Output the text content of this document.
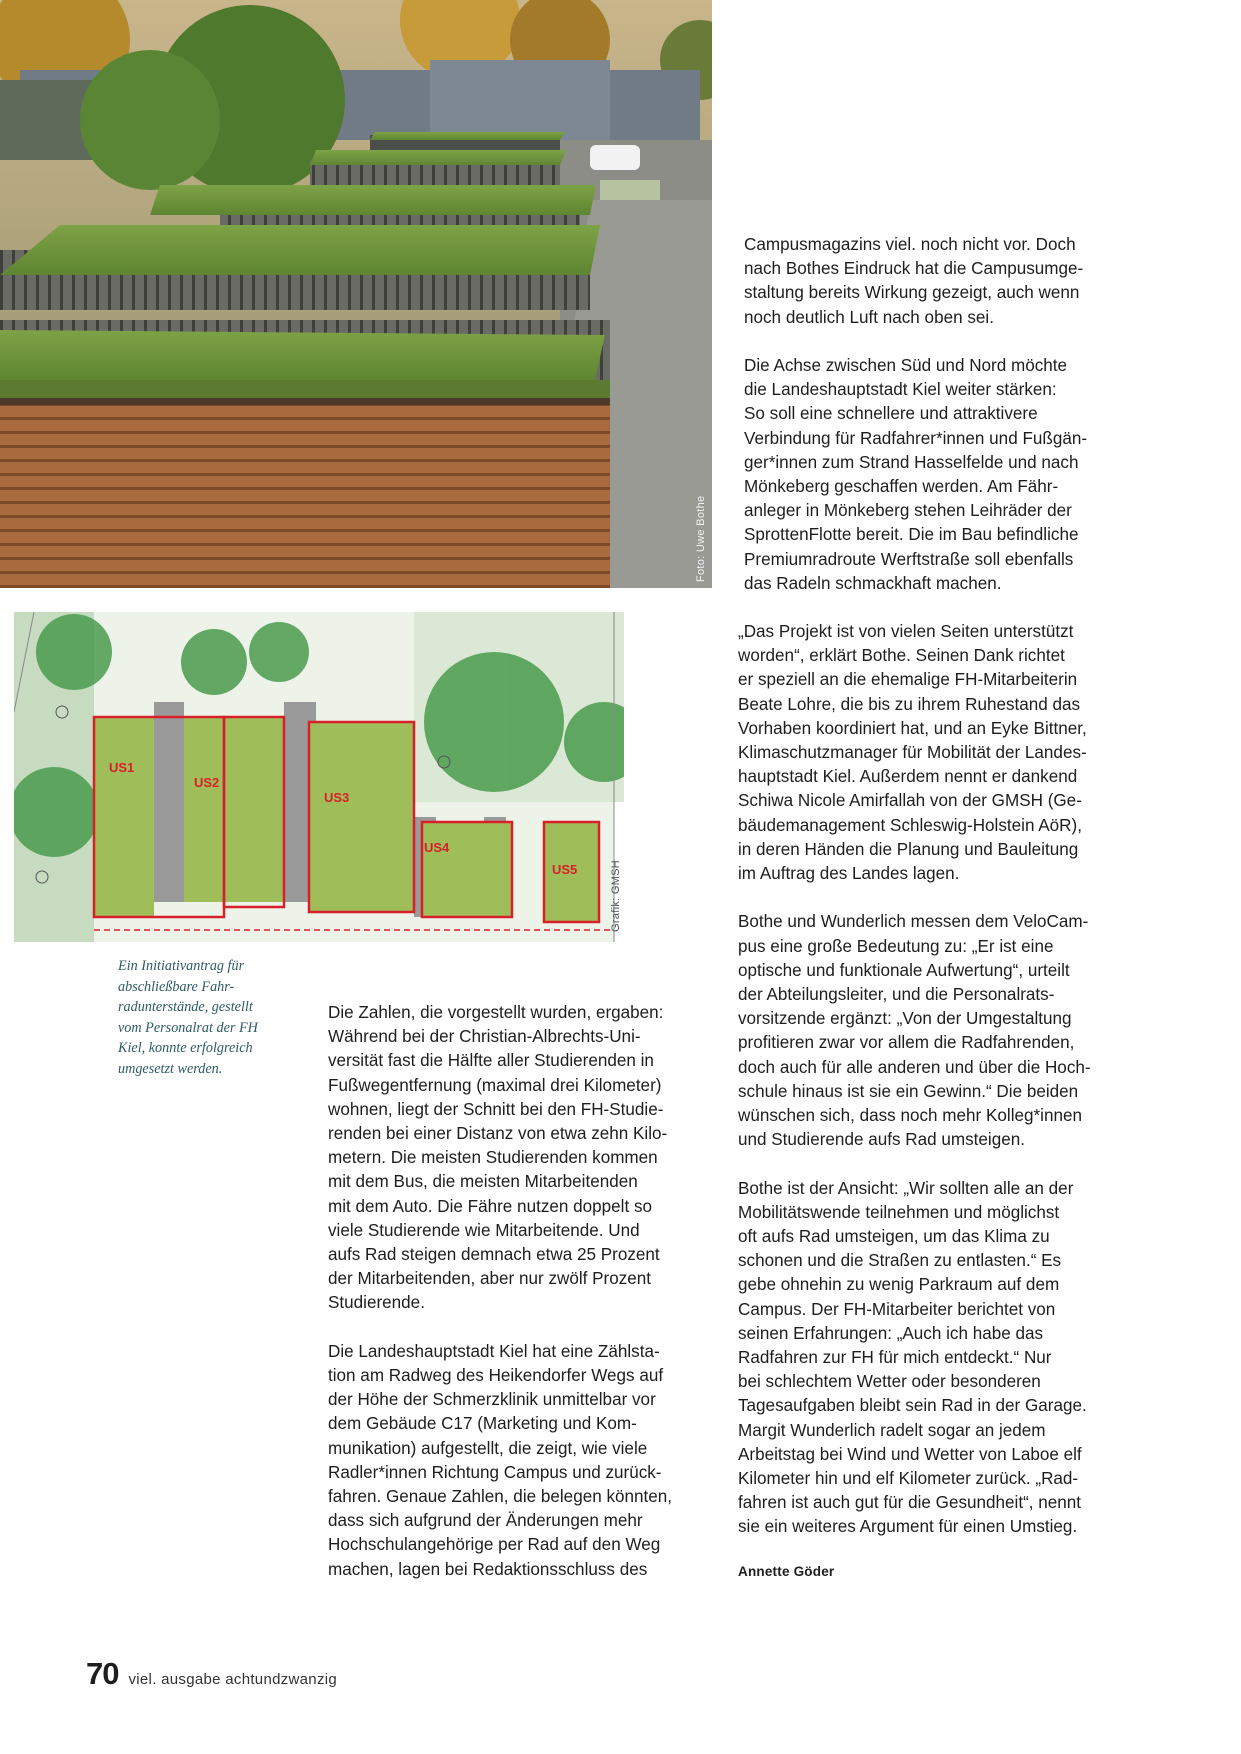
Foto: Uwe Bothe
US1
US2
US3
US4
US5	Grafik: GMSH
Ein Initiativantrag für
abschließbare Fahr-
radunterstände, gestellt
vom Personalrat der FH
Kiel, konnte erfolgreich
umgesetzt werden.

Campusmagazins viel. noch nicht vor. Doch
nach Bothes Eindruck hat die Campusumge-
staltung bereits Wirkung gezeigt, auch wenn
noch deutlich Luft nach oben sei.

Die Achse zwischen Süd und Nord möchte
die Landeshauptstadt Kiel weiter stärken:
So soll eine schnellere und attraktivere
Verbindung für Radfahrer*innen und Fußgän-
ger*innen zum Strand Hasselfelde und nach
Mönkeberg geschaffen werden. Am Fähr-
anleger in Mönkeberg stehen Leihräder der
SprottenFlotte bereit. Die im Bau befindliche
Premiumradroute Werftstraße soll ebenfalls
das Radeln schmackhaft machen.

„Das Projekt ist von vielen Seiten unterstützt
worden“, erklärt Bothe. Seinen Dank richtet
er speziell an die ehemalige FH-Mitarbeiterin
Beate Lohre, die bis zu ihrem Ruhestand das
Vorhaben koordiniert hat, und an Eyke Bittner,
Klimaschutzmanager für Mobilität der Landes-
hauptstadt Kiel. Außerdem nennt er dankend
Schiwa Nicole Amirfallah von der GMSH (Ge-
bäudemanagement Schleswig-Holstein AöR),
in deren Händen die Planung und Bauleitung
im Auftrag des Landes lagen.

Bothe und Wunderlich messen dem VeloCam-
pus eine große Bedeutung zu: „Er ist eine
optische und funktionale Aufwertung“, urteilt
der Abteilungsleiter, und die Personalrats-
vorsitzende ergänzt: „Von der Umgestaltung
profitieren zwar vor allem die Radfahrenden,
doch auch für alle anderen und über die Hoch-
schule hinaus ist sie ein Gewinn.“ Die beiden
wünschen sich, dass noch mehr Kolleg*innen
und Studierende aufs Rad umsteigen.

Bothe ist der Ansicht: „Wir sollten alle an der
Mobilitätswende teilnehmen und möglichst
oft aufs Rad umsteigen, um das Klima zu
schonen und die Straßen zu entlasten.“ Es
gebe ohnehin zu wenig Parkraum auf dem
Campus. Der FH-Mitarbeiter berichtet von
seinen Erfahrungen: „Auch ich habe das
Radfahren zur FH für mich entdeckt.“ Nur
bei schlechtem Wetter oder besonderen
Tagesaufgaben bleibt sein Rad in der Garage.
Margit Wunderlich radelt sogar an jedem
Arbeitstag bei Wind und Wetter von Laboe elf
Kilometer hin und elf Kilometer zurück. „Rad-
fahren ist auch gut für die Gesundheit“, nennt
sie ein weiteres Argument für einen Umstieg.

Annette Göder

Die Zahlen, die vorgestellt wurden, ergaben:
Während bei der Christian-Albrechts-Uni-
versität fast die Hälfte aller Studierenden in
Fußwegentfernung (maximal drei Kilometer)
wohnen, liegt der Schnitt bei den FH-Studie-
renden bei einer Distanz von etwa zehn Kilo-
metern. Die meisten Studierenden kommen
mit dem Bus, die meisten Mitarbeitenden
mit dem Auto. Die Fähre nutzen doppelt so
viele Studierende wie Mitarbeitende. Und
aufs Rad steigen demnach etwa 25 Prozent
der Mitarbeitenden, aber nur zwölf Prozent
Studierende.

Die Landeshauptstadt Kiel hat eine Zählsta-
tion am Radweg des Heikendorfer Wegs auf
der Höhe der Schmerzklinik unmittelbar vor
dem Gebäude C17 (Marketing und Kom-
munikation) aufgestellt, die zeigt, wie viele
Radler*innen Richtung Campus und zurück-
fahren. Genaue Zahlen, die belegen könnten,
dass sich aufgrund der Änderungen mehr
Hochschulangehörige per Rad auf den Weg
machen, lagen bei Redaktionsschluss des

70 viel. ausgabe achtundzwanzig
